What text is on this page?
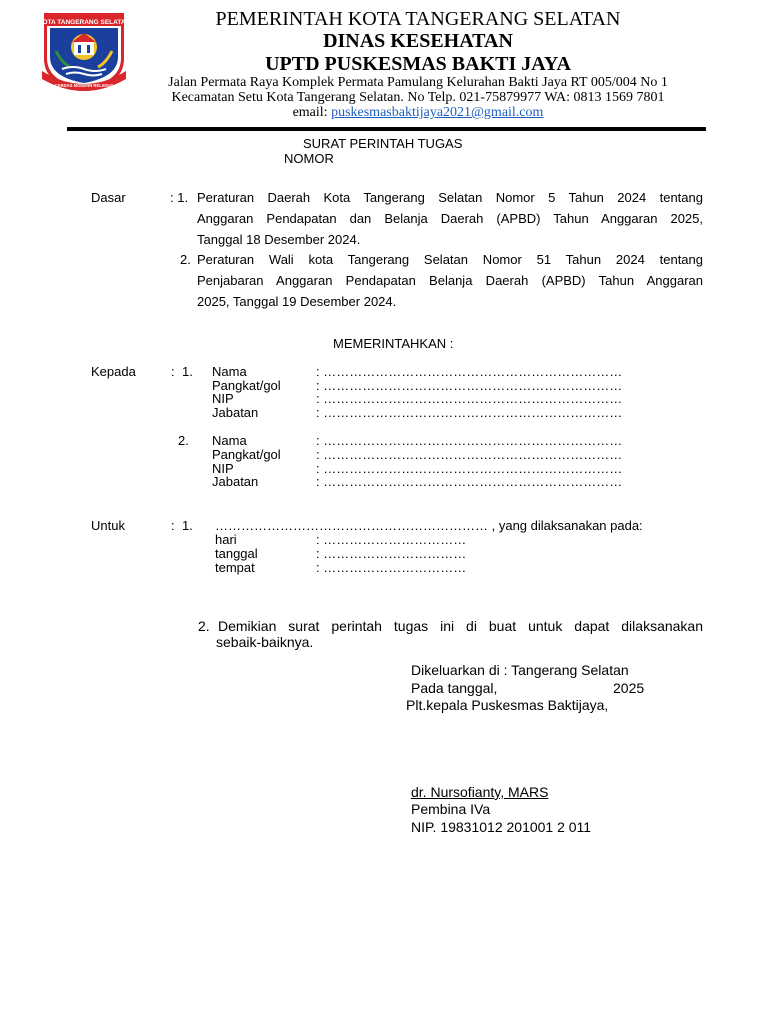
KOTA TANGERANG SELATAN
CERDAS MODERN RELIGIUS
PEMERINTAH KOTA TANGERANG SELATAN
DINAS KESEHATAN
UPTD PUSKESMAS BAKTI JAYA
Jalan Permata Raya Komplek Permata Pamulang Kelurahan Bakti Jaya RT 005/004 No 1
Kecamatan Setu Kota Tangerang Selatan. No Telp. 021-75879977 WA: 0813 1569 7801
email: puskesmasbaktijaya2021@gmail.com
SURAT PERINTAH TUGAS
NOMOR
Dasar	: 1. Peraturan Daerah Kota Tangerang Selatan Nomor 5 Tahun 2024 tentang
Anggaran Pendapatan dan Belanja Daerah (APBD) Tahun Anggaran 2025,
Tanggal 18 Desember 2024.
2. Peraturan Wali kota Tangerang Selatan Nomor 51 Tahun 2024 tentang
Penjabaran Anggaran Pendapatan Belanja Daerah (APBD) Tahun Anggaran
2025, Tanggal 19 Desember 2024.
MEMERINTAHKAN :
Kepada	: 1. Nama	: ……………………………………………………………
Pangkat/gol	: ……………………………………………………………
NIP	: ……………………………………………………………
Jabatan	: ……………………………………………………………
2. Nama	: ……………………………………………………………
Pangkat/gol	: ……………………………………………………………
NIP	: ……………………………………………………………
Jabatan	: ……………………………………………………………
Untuk	: 1. ……………………………………………………… , yang dilaksanakan pada:
hari	: ……………………………
tanggal	: ……………………………
tempat	: ……………………………
2. Demikian surat perintah tugas ini di buat untuk dapat dilaksanakan
sebaik-baiknya.
Dikeluarkan di : Tangerang Selatan
Pada tanggal,	2025
Plt.kepala Puskesmas Baktijaya,
dr. Nursofianty, MARS
Pembina IVa
NIP. 19831012 201001 2 011
